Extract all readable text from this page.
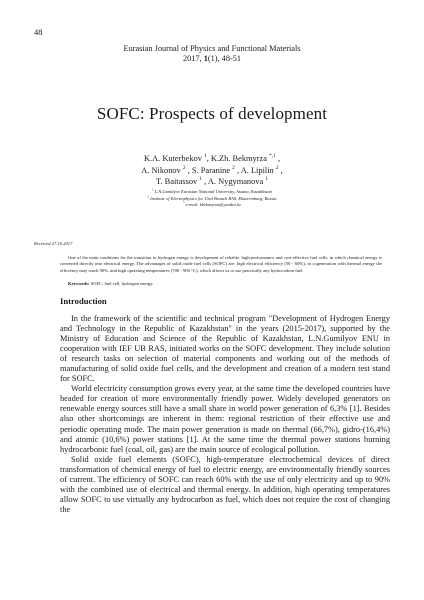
48
Eurasian Journal of Physics and Functional Materials
2017, 1(1), 48-51
SOFC: Prospects of development
K.A. Kuterbekov $^1$, K.Zh. Bekmyrza $^{*,1}$ ,
A. Nikonov $^2$ , S. Paranine $^2$ , A. Lipilin $^2$ ,
T. Baitassov $^1$ , A. Nygymanova $^1$
$^1$ L.N.Gumilyov Eurasian National University, Astana, Kazakhstan
$^2$ Institute of Electrophysics for Ural Branch RAS, Ekaterinburg, Russia
* e-mail: kbekmyrza@yandex.kz
Received 27.10.2017

One of the main conditions for the transition to hydrogen energy is development of reliable, high-performance and cost-effective fuel cells, in which chemical energy is converted directly into electrical energy. The advantages of solid oxide fuel cells (SOFC) are: high electrical efficiency (50 - 60%), in cogeneration with thermal energy the efficiency may reach 90%, and high operating temperatures (700 - 900 °C), which allows us to use practically any hydrocarbon fuel.

Keywords: SOFC, fuel cell, hydrogen energy.
Introduction

In the framework of the scientific and technical program "Development of Hydrogen Energy and Technology in the Republic of Kazakhstan" in the years (2015-2017), supported by the Ministry of Education and Science of the Republic of Kazakhstan, L.N.Gumilyov ENU in cooperation with IEF UB RAS, initiated works on the SOFC development. They include solution of research tasks on selection of material components and working out of the methods of manufacturing of solid oxide fuel cells, and the development and creation of a modern test stand for SOFC.

World electricity consumption grows every year, at the same time the developed countries have headed for creation of more environmentally friendly power. Widely developed generators on renewable energy sources still have a small share in world power generation of 6,3% [1]. Besides also other shortcomings are inherent in them: regional restriction of their effective use and periodic operating mode. The main power generation is made on thermal (66,7%), gidro-(16,4%) and atomic (10,6%) power stations [1]. At the same time the thermal power stations burning hydrocarbonic fuel (coal, oil, gas) are the main source of ecological pollution.

Solid oxide fuel elements (SOFC), high-temperature electrochemical devices of direct transformation of chemical energy of fuel to electric energy, are environmentally friendly sources of current. The efficiency of SOFC can reach 60% with the use of only electricity and up to 90% with the combined use of electrical and thermal energy. In addition, high operating temperatures allow SOFC to use virtually any hydrocarbon as fuel, which does not require the cost of changing the
